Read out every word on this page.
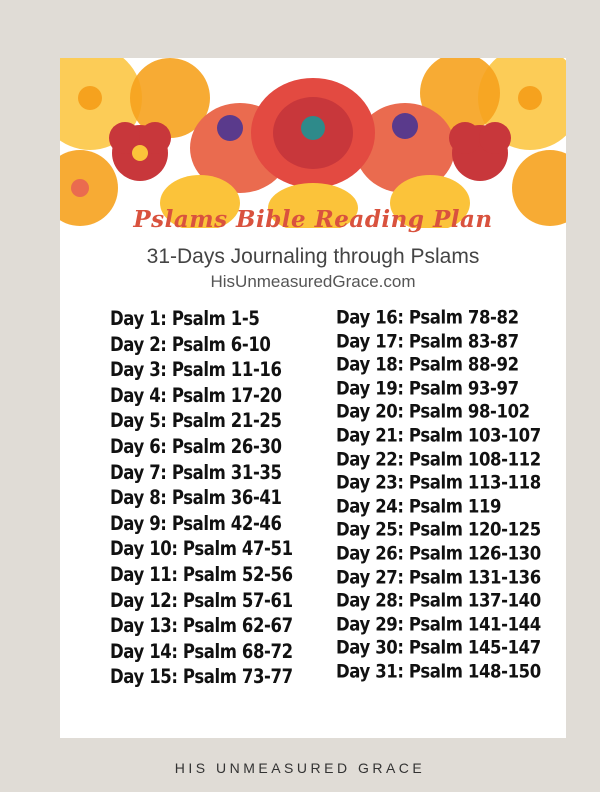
Pslams Bible Reading Plan
31-Days Journaling through Pslams
HisUnmeasuredGrace.com
Day 1: Psalm 1-5
Day 2: Psalm 6-10
Day 3: Psalm 11-16
Day 4: Psalm 17-20
Day 5: Psalm 21-25
Day 6: Psalm 26-30
Day 7: Psalm 31-35
Day 8: Psalm 36-41
Day 9: Psalm 42-46
Day 10: Psalm 47-51
Day 11: Psalm 52-56
Day 12: Psalm 57-61
Day 13: Psalm 62-67
Day 14: Psalm 68-72
Day 15: Psalm 73-77
Day 16: Psalm 78-82
Day 17: Psalm 83-87
Day 18: Psalm 88-92
Day 19: Psalm 93-97
Day 20: Psalm 98-102
Day 21: Psalm 103-107
Day 22: Psalm 108-112
Day 23: Psalm 113-118
Day 24: Psalm 119
Day 25: Psalm 120-125
Day 26: Psalm 126-130
Day 27: Psalm 131-136
Day 28: Psalm 137-140
Day 29: Psalm 141-144
Day 30: Psalm 145-147
Day 31: Psalm 148-150
HIS UNMEASURED GRACE
